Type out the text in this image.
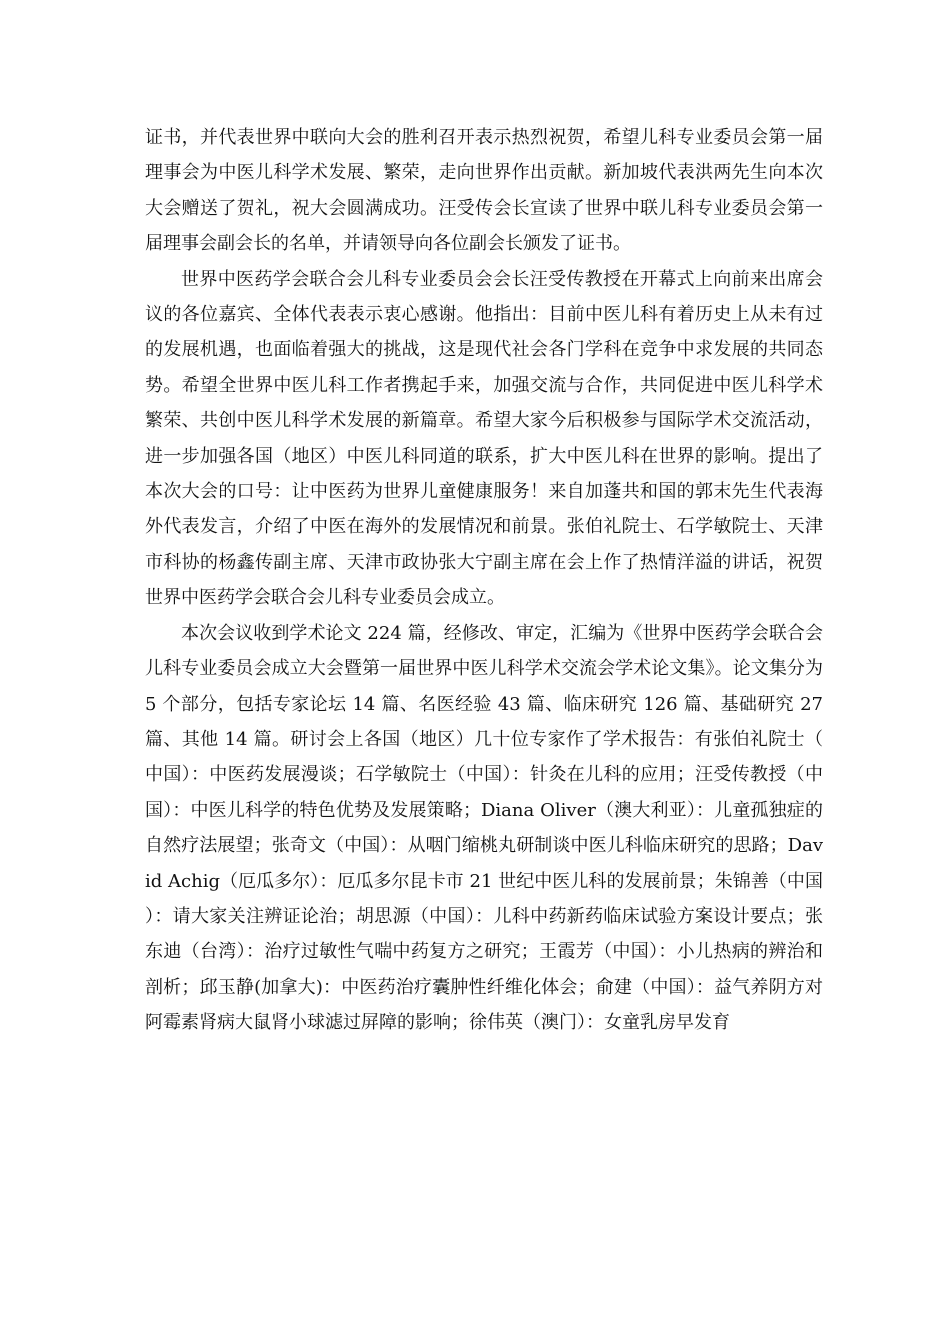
证书，并代表世界中联向大会的胜利召开表示热烈祝贺，希望儿科专业委员会第一届理事会为中医儿科学术发展、繁荣，走向世界作出贡献。新加坡代表洪两先生向本次大会赠送了贺礼，祝大会圆满成功。汪受传会长宣读了世界中联儿科专业委员会第一届理事会副会长的名单，并请领导向各位副会长颁发了证书。

世界中医药学会联合会儿科专业委员会会长汪受传教授在开幕式上向前来出席会议的各位嘉宾、全体代表表示衷心感谢。他指出：目前中医儿科有着历史上从未有过的发展机遇，也面临着强大的挑战，这是现代社会各门学科在竞争中求发展的共同态势。希望全世界中医儿科工作者携起手来，加强交流与合作，共同促进中医儿科学术繁荣、共创中医儿科学术发展的新篇章。希望大家今后积极参与国际学术交流活动，进一步加强各国（地区）中医儿科同道的联系，扩大中医儿科在世界的影响。提出了本次大会的口号：让中医药为世界儿童健康服务！来自加蓬共和国的郭末先生代表海外代表发言，介绍了中医在海外的发展情况和前景。张伯礼院士、石学敏院士、天津市科协的杨鑫传副主席、天津市政协张大宁副主席在会上作了热情洋溢的讲话，祝贺世界中医药学会联合会儿科专业委员会成立。

本次会议收到学术论文 224 篇，经修改、审定，汇编为《世界中医药学会联合会儿科专业委员会成立大会暨第一届世界中医儿科学术交流会学术论文集》。论文集分为 5 个部分，包括专家论坛 14 篇、名医经验 43 篇、临床研究 126 篇、基础研究 27 篇、其他 14 篇。研讨会上各国（地区）几十位专家作了学术报告：有张伯礼院士（中国）：中医药发展漫谈；石学敏院士（中国）：针灸在儿科的应用；汪受传教授（中国）：中医儿科学的特色优势及发展策略；Diana Oliver（澳大利亚）：儿童孤独症的自然疗法展望；张奇文（中国）：从咽门缩桃丸研制谈中医儿科临床研究的思路；David Achig（厄瓜多尔）：厄瓜多尔昆卡市 21 世纪中医儿科的发展前景；朱锦善（中国）：请大家关注辨证论治；胡思源（中国）：儿科中药新药临床试验方案设计要点；张东迪（台湾）：治疗过敏性气喘中药复方之研究；王霞芳（中国）：小儿热病的辨治和剖析；邱玉静(加拿大)：中医药治疗囊肿性纤维化体会；俞建（中国）：益气养阴方对阿霉素肾病大鼠肾小球滤过屏障的影响；徐伟英（澳门）：女童乳房早发育
